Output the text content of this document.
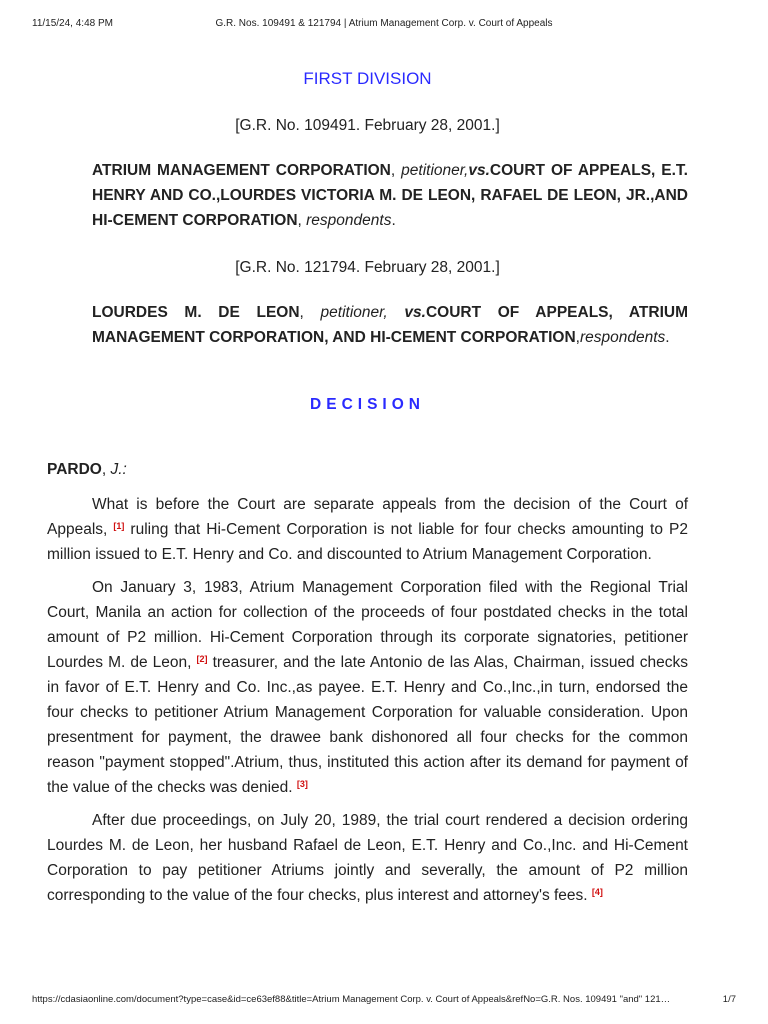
11/15/24, 4:48 PM	G.R. Nos. 109491 & 121794 | Atrium Management Corp. v. Court of Appeals
FIRST DIVISION
[G.R. No. 109491. February 28, 2001.]
ATRIUM MANAGEMENT CORPORATION, petitioner,vs.COURT OF APPEALS, E.T. HENRY AND CO.,LOURDES VICTORIA M. DE LEON, RAFAEL DE LEON, JR.,AND HI-CEMENT CORPORATION, respondents.
[G.R. No. 121794. February 28, 2001.]
LOURDES M. DE LEON, petitioner, vs.COURT OF APPEALS, ATRIUM MANAGEMENT CORPORATION, AND HI-CEMENT CORPORATION,respondents.
DECISION
PARDO, J.:

What is before the Court are separate appeals from the decision of the Court of Appeals, [1] ruling that Hi-Cement Corporation is not liable for four checks amounting to P2 million issued to E.T. Henry and Co. and discounted to Atrium Management Corporation.

On January 3, 1983, Atrium Management Corporation filed with the Regional Trial Court, Manila an action for collection of the proceeds of four postdated checks in the total amount of P2 million. Hi-Cement Corporation through its corporate signatories, petitioner Lourdes M. de Leon, [2] treasurer, and the late Antonio de las Alas, Chairman, issued checks in favor of E.T. Henry and Co. Inc.,as payee. E.T. Henry and Co.,Inc.,in turn, endorsed the four checks to petitioner Atrium Management Corporation for valuable consideration. Upon presentment for payment, the drawee bank dishonored all four checks for the common reason "payment stopped".Atrium, thus, instituted this action after its demand for payment of the value of the checks was denied. [3]

After due proceedings, on July 20, 1989, the trial court rendered a decision ordering Lourdes M. de Leon, her husband Rafael de Leon, E.T. Henry and Co.,Inc. and Hi-Cement Corporation to pay petitioner Atriums jointly and severally, the amount of P2 million corresponding to the value of the four checks, plus interest and attorney's fees. [4]

https://cdasiaonline.com/document?type=case&id=ce63ef88&title=Atrium Management Corp. v. Court of Appeals&refNo=G.R. Nos. 109491 "and" 121…	1/7
